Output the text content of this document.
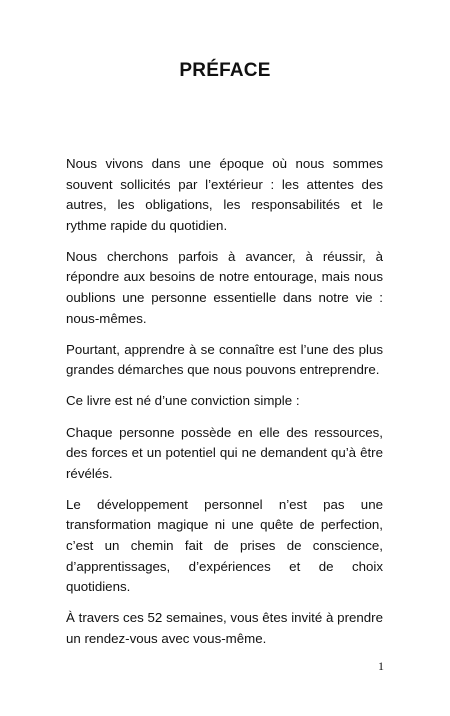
PRÉFACE

Nous vivons dans une époque où nous sommes souvent sollicités par l’extérieur : les attentes des autres, les obligations, les responsabilités et le rythme rapide du quotidien.

Nous cherchons parfois à avancer, à réussir, à répondre aux besoins de notre entourage, mais nous oublions une personne essentielle dans notre vie : nous-mêmes.

Pourtant, apprendre à se connaître est l’une des plus grandes démarches que nous pouvons entreprendre.

Ce livre est né d’une conviction simple :

Chaque personne possède en elle des ressources, des forces et un potentiel qui ne demandent qu’à être révélés.

Le développement personnel n’est pas une transformation magique ni une quête de perfection, c’est un chemin fait de prises de conscience, d’apprentissages, d’expériences et de choix quotidiens.

À travers ces 52 semaines, vous êtes invité à prendre un rendez-vous avec vous-même.

1
